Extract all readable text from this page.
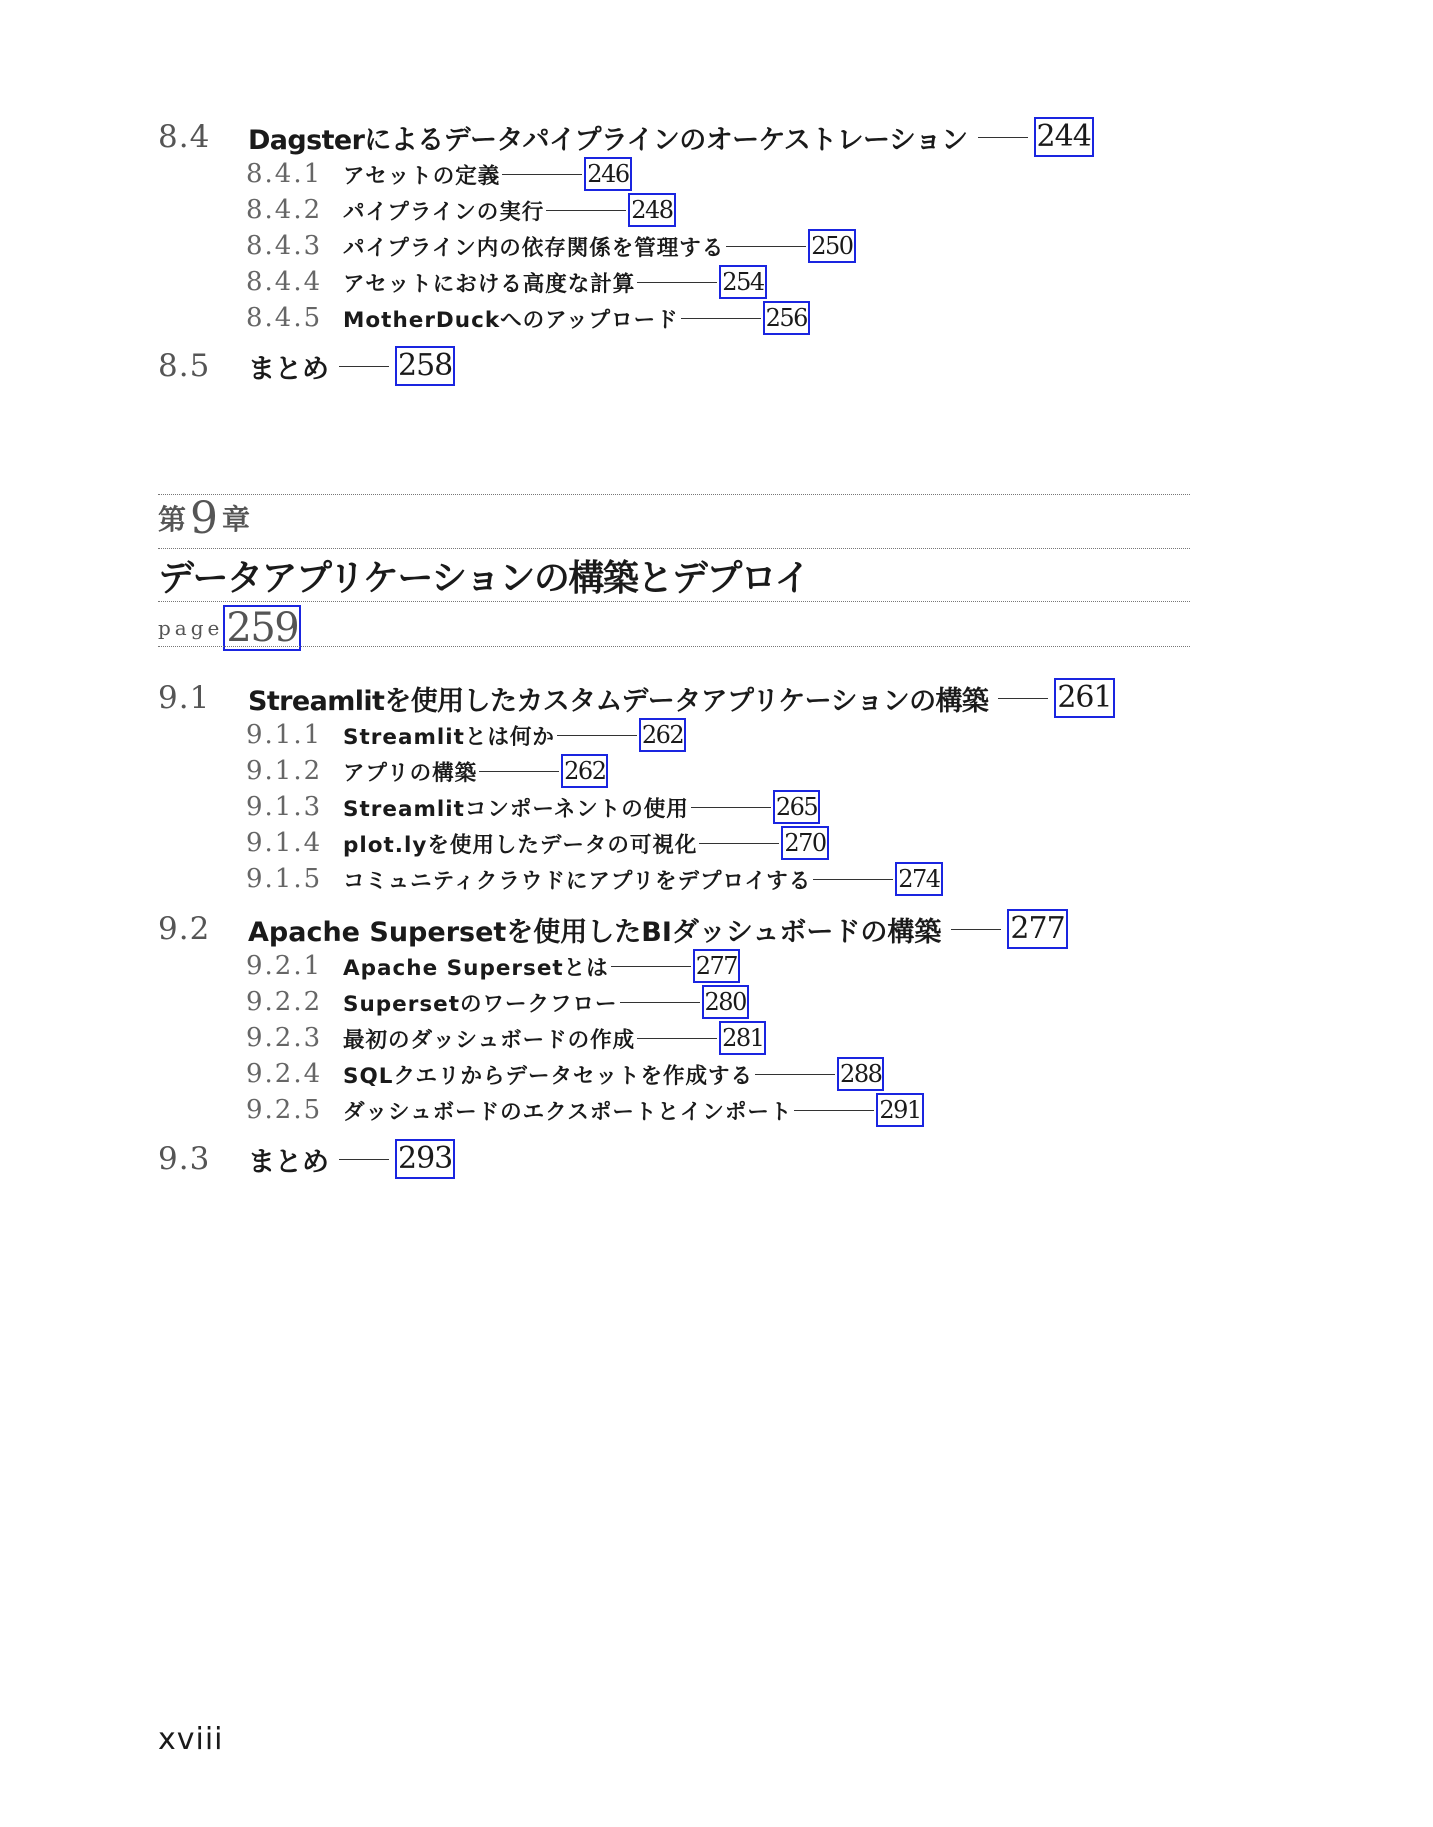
8.4	Dagsterによるデータパイプラインのオーケストレーション 244
8.4.1 アセットの定義	246
8.4.2 パイプラインの実行	248
8.4.3 パイプライン内の依存関係を管理する	250
8.4.4 アセットにおける高度な計算	254
8.4.5 MotherDuckへのアップロード	256
8.5	まとめ 258
第 9 章
データアプリケーションの構築とデプロイ
page 259
9.1	Streamlitを使用したカスタムデータアプリケーションの構築 261
9.1.1 Streamlitとは何か	262
9.1.2 アプリの構築	262
9.1.3 Streamlitコンポーネントの使用	265
9.1.4 plot.lyを使用したデータの可視化	270
9.1.5 コミュニティクラウドにアプリをデプロイする	274
9.2	Apache Supersetを使用したBIダッシュボードの構築 277
9.2.1 Apache Supersetとは	277
9.2.2 Supersetのワークフロー	280
9.2.3 最初のダッシュボードの作成	281
9.2.4 SQLクエリからデータセットを作成する	288
9.2.5 ダッシュボードのエクスポートとインポート	291
9.3	まとめ 293
xviii
